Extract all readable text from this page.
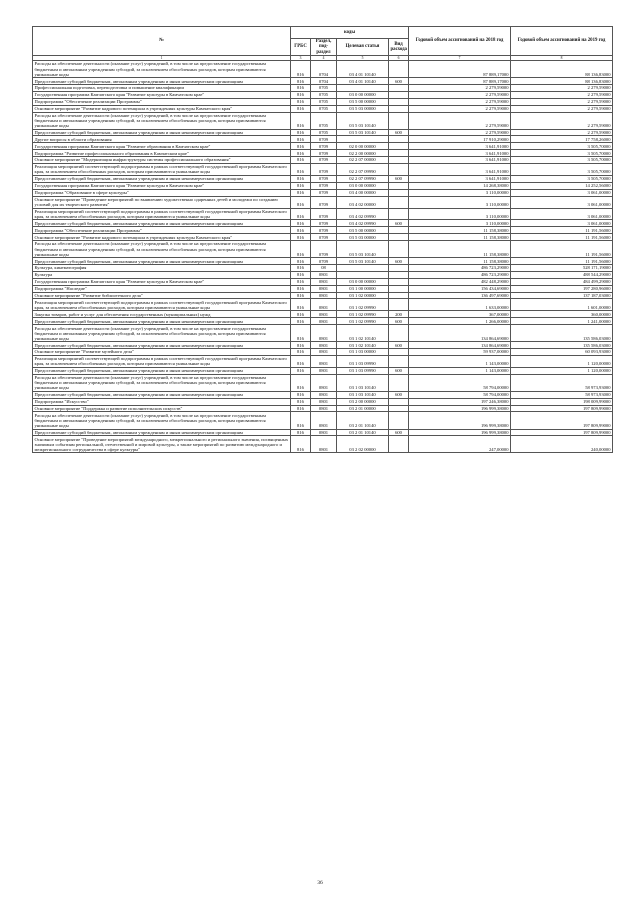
№	коды				Годовой объем ассигнований на 2018 год	Годовой объем ассигнований на 2019 год
	ГРБС	Раздел, под-раздел	Целевая статья	Вид расхода		
1	3	4	5	6	7	8
Расходы на обеспечение деятельности (оказание услуг) учреждений, в том числе на предоставление государственным бюджетным и автономным учреждениям субсидий, за исключением обособленных расходов, которым присваиваются уникальные коды	816	0704	03 4 01 10140		87 889,17000	88 136,83000
Предоставление субсидий бюджетным, автономным учреждениям и иным некоммерческим организациям	816	0704	03 4 01 10140	600	87 889,17000	88 136,83000
Профессиональная подготовка, переподготовка и повышение квалификации	816	0705			2 279,59000	2 279,59000
Государственная программа Камчатского края "Развитие культуры в Камчатском крае"	816	0705	03 0 00 00000		2 279,59000	2 279,59000
Подпрограмма "Обеспечение реализации Программы"	816	0705	03 5 00 00000		2 279,59000	2 279,59000
Основное мероприятие "Развитие кадрового потенциала в учреждениях культуры Камчатского края"	816	0705	03 5 03 00000		2 279,59000	2 279,59000
Расходы на обеспечение деятельности (оказание услуг) учреждений, в том числе на предоставление государственным бюджетным и автономным учреждениям субсидий, за исключением обособленных расходов, которым присваиваются уникальные коды	816	0705	03 5 03 10140		2 279,59000	2 279,59000
Предоставление субсидий бюджетным, автономным учреждениям и иным некоммерческим организациям	816	0705	03 5 03 10140	600	2 279,59000	2 279,59000
Другие вопросы в области образования	816	0709			17 910,29000	17 758,26000
Государственная программа Камчатского края "Развитие образования в Камчатском крае"	816	0709	02 0 00 00000		3 641,91000	3 505,70000
Подпрограмма "Развитие профессионального образования в Камчатском крае"	816	0709	02 2 00 00000		3 641,91000	3 505,70000
Основное мероприятие "Модернизация инфраструктуры системы профессионального образования"	816	0709	02 2 07 00000		3 641,91000	3 505,70000
Реализация мероприятий соответствующей подпрограммы в рамках соответствующей государственной программы Камчатского края, за исключением обособленных расходов, которым присваиваются уникальные коды	816	0709	02 2 07 09990		3 641,91000	3 505,70000
Предоставление субсидий бюджетным, автономным учреждениям и иным некоммерческим организациям	816	0709	02 2 07 09990	600	3 641,91000	3 505,70000
Государственная программа Камчатского края "Развитие культуры в Камчатском крае"	816	0709	03 0 00 00000		14 268,38000	14 252,56000
Подпрограмма "Образование в сфере культуры"	816	0709	03 4 00 00000		3 110,00000	3 061,00000
Основное мероприятие "Проведение мероприятий по выявлению художественно одаренных детей и молодежи по созданию условий для их творческого развития"	816	0709	03 4 02 00000		3 110,00000	3 061,00000
Реализация мероприятий соответствующей подпрограммы в рамках соответствующей государственной программы Камчатского края, за исключением обособленных расходов, которым присваиваются уникальные коды	816	0709	03 4 02 09990		3 110,00000	3 061,00000
Предоставление субсидий бюджетным, автономным учреждениям и иным некоммерческим организациям	816	0709	03 4 02 09990	600	3 110,00000	3 061,00000
Подпрограмма "Обеспечение реализации Программы"	816	0709	03 5 00 00000		11 158,38000	11 191,56000
Основное мероприятие "Развитие кадрового потенциала в учреждениях культуры Камчатского края"	816	0709	03 5 03 00000		11 158,38000	11 191,56000
Расходы на обеспечение деятельности (оказание услуг) учреждений, в том числе на предоставление государственным бюджетным и автономным учреждениям субсидий, за исключением обособленных расходов, которым присваиваются уникальные коды	816	0709	03 5 03 10140		11 158,38000	11 191,56000
Предоставление субсидий бюджетным, автономным учреждениям и иным некоммерческим организациям	816	0709	03 5 03 10140	600	11 158,38000	11 191,56000
Культура, кинематография	816	08			486 723,29000	528 171,19000
Культура	816	0801			486 723,29000	488 544,29000
Государственная программа Камчатского края "Развитие культуры в Камчатском крае"	816	0801	03 0 00 00000		482 448,29000	484 499,29000
Подпрограмма "Наследие"	816	0801	03 1 00 00000		156 434,69000	197 280,96000
Основное мероприятие "Развитие библиотечного дела"	816	0801	03 1 02 00000		136 497,69000	137 187,03000
Реализация мероприятий соответствующей подпрограммы в рамках соответствующей государственной программы Камчатского края, за исключением обособленных расходов, которым присваиваются уникальные коды	816	0801	03 1 02 09990		1 633,00000	1 601,00000
Закупка товаров, работ и услуг для обеспечения государственных (муниципальных) нужд	816	0801	03 1 02 09990	200	367,00000	360,00000
Предоставление субсидий бюджетным, автономным учреждениям и иным некоммерческим организациям	816	0801	03 1 02 09990	600	1 266,00000	1 241,00000
Расходы на обеспечение деятельности (оказание услуг) учреждений, в том числе на предоставление государственным бюджетным и автономным учреждениям субсидий, за исключением обособленных расходов, которым присваиваются уникальные коды	816	0801	03 1 02 10140		134 864,69000	135 586,03000
Предоставление субсидий бюджетным, автономным учреждениям и иным некоммерческим организациям	816	0801	03 1 02 10140	600	134 864,69000	135 586,03000
Основное мероприятие "Развитие музейного дела"	816	0801	03 1 03 00000		59 937,00000	60 093,93000
Реализация мероприятий соответствующей подпрограммы в рамках соответствующей государственной программы Камчатского края, за исключением обособленных расходов, которым присваиваются уникальные коды	816	0801	03 1 03 09990		1 143,00000	1 120,00000
Предоставление субсидий бюджетным, автономным учреждениям и иным некоммерческим организациям	816	0801	03 1 03 09990	600	1 143,00000	1 120,00000
Расходы на обеспечение деятельности (оказание услуг) учреждений, в том числе на предоставление государственным бюджетным и автономным учреждениям субсидий, за исключением обособленных расходов, которым присваиваются уникальные коды	816	0801	03 1 03 10140		58 794,00000	58 973,93000
Предоставление субсидий бюджетным, автономным учреждениям и иным некоммерческим организациям	816	0801	03 1 03 10140	600	58 794,00000	58 973,93000
Подпрограмма "Искусство"	816	0801	03 2 00 00000		197 246,38000	198 009,99000
Основное мероприятие "Поддержка и развитие исполнительских искусств"	816	0801	03 2 01 00000		196 999,38000	197 809,99000
Расходы на обеспечение деятельности (оказание услуг) учреждений, в том числе на предоставление государственным бюджетным и автономным учреждениям субсидий, за исключением обособленных расходов, которым присваиваются уникальные коды	816	0801	03 2 01 10140		196 999,38000	197 809,99000
Предоставление субсидий бюджетным, автономным учреждениям и иным некоммерческим организациям	816	0801	03 2 01 10140	600	196 999,38000	197 809,99000
Основное мероприятие "Проведение мероприятий международного, межрегионального и регионального значения, посвященных значимым событиям региональной, отечественной и мировой культуры, а также мероприятий по развитию международного и межрегионального сотрудничества в сфере культуры"	816	0801	03 2 02 00000		247,00000	240,00000
36
